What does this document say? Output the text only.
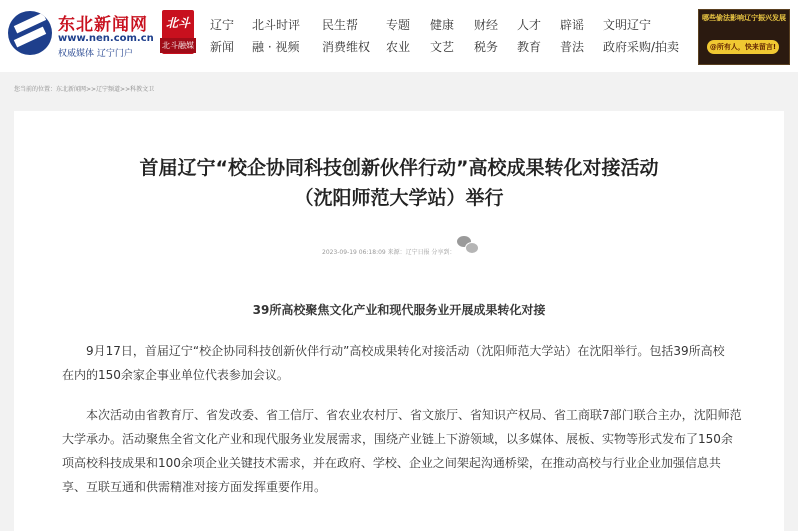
东北新闻网
www.nen.com.cn
权威媒体 辽宁门户
北斗
北斗融媒
辽宁 北斗时评 民生帮 专题 健康 财经 人才 辟谣 文明辽宁
新闻 融 · 视频 消费维权 农业 文艺 税务 教育 普法 政府采购/拍卖
哪些偷法影响辽宁振兴发展
@所有人，快来留言!
您当前的位置：东北新闻网>>辽宁频道>>科教文卫
首届辽宁“校企协同科技创新伙伴行动”高校成果转化对接活动
（沈阳师范大学站）举行
2023-09-19 06:18:09 来源：辽宁日报 分享到：
39所高校聚焦文化产业和现代服务业开展成果转化对接
9月17日，首届辽宁“校企协同科技创新伙伴行动”高校成果转化对接活动（沈阳师范大学站）在沈阳举行。包括39所高校
在内的150余家企事业单位代表参加会议。
本次活动由省教育厅、省发改委、省工信厅、省农业农村厅、省文旅厅、省知识产权局、省工商联7部门联合主办，沈阳师范
大学承办。活动聚焦全省文化产业和现代服务业发展需求，围绕产业链上下游领域，以多媒体、展板、实物等形式发布了150余
项高校科技成果和100余项企业关键技术需求，并在政府、学校、企业之间架起沟通桥梁，在推动高校与行业企业加强信息共
享、互联互通和供需精准对接方面发挥重要作用。
